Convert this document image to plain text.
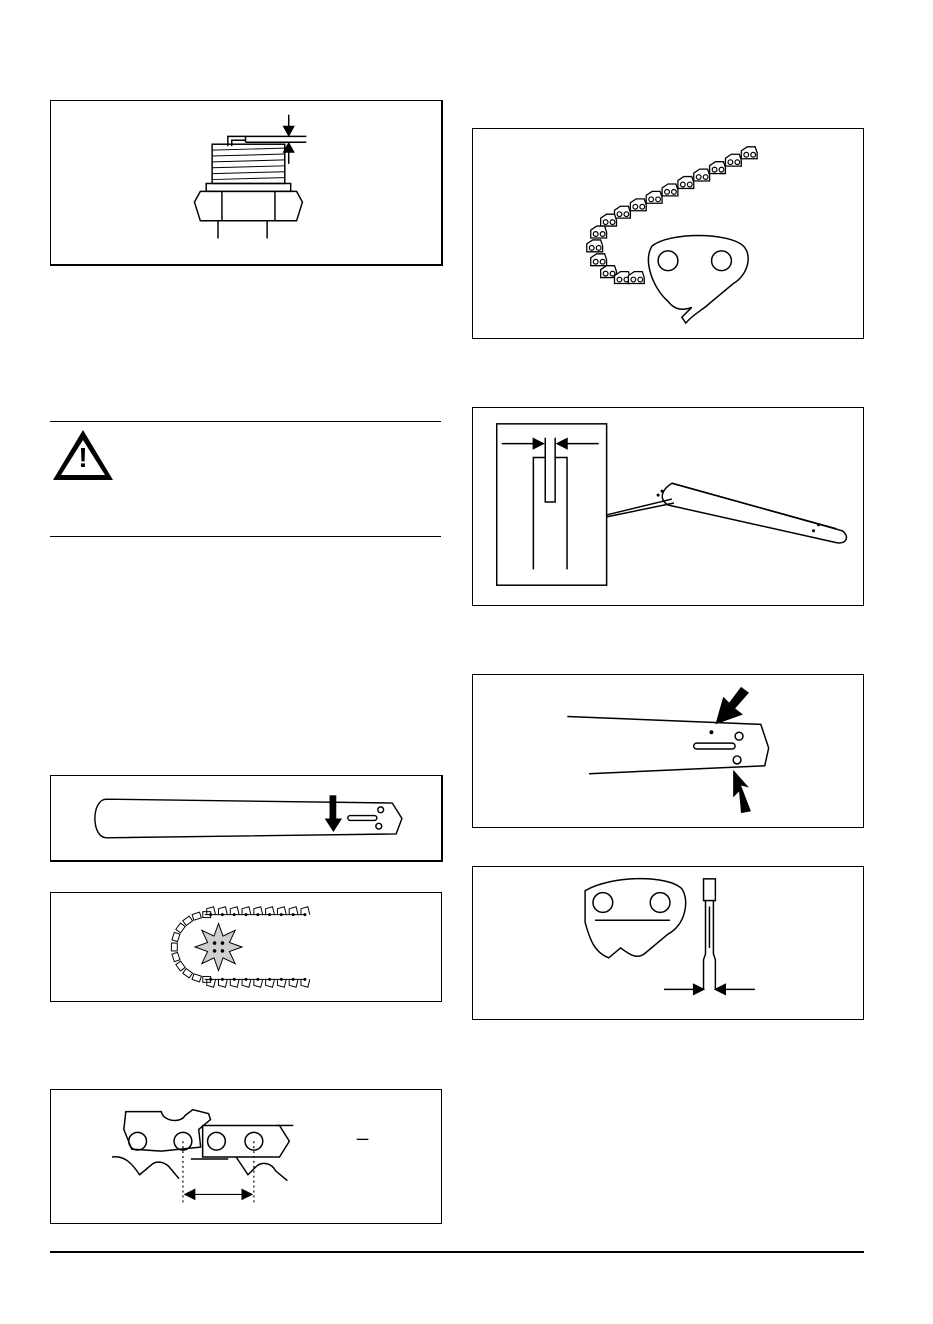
!
_
